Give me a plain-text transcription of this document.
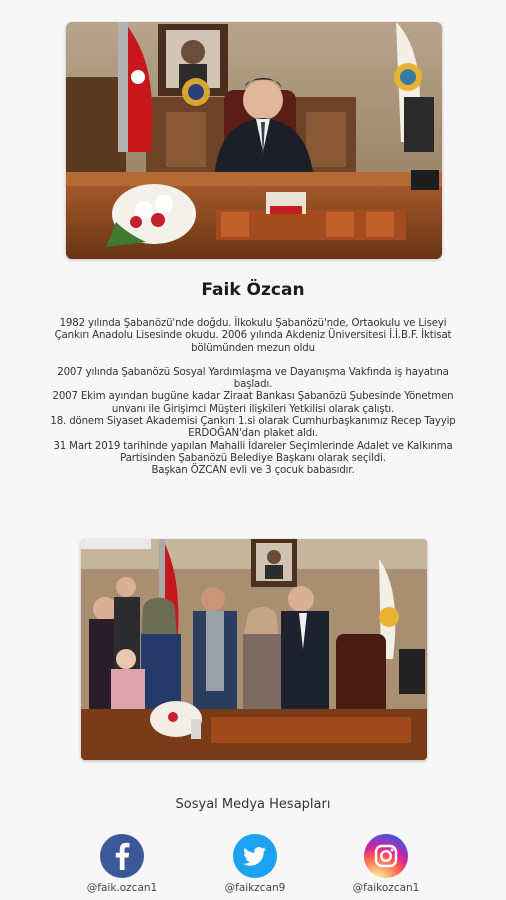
Faik Özcan

1982 yılında Şabanözü'nde doğdu. İlkokulu Şabanözü'nde, Ortaokulu ve Liseyi

Çankırı Anadolu Lisesinde okudu. 2006 yılında Akdeniz Üniversitesi İ.İ.B.F. İktisat

bölümünden mezun oldu

2007 yılında Şabanözü Sosyal Yardımlaşma ve Dayanışma Vakfında iş hayatına

başladı.

2007 Ekim ayından bugüne kadar Ziraat Bankası Şabanözü Şubesinde Yönetmen

unvanı ile Girişimci Müşteri ilişkileri Yetkilisi olarak çalıştı.

18. dönem Siyaset Akademisi Çankırı 1.si olarak Cumhurbaşkanımız Recep Tayyip

ERDOĞAN'dan plaket aldı.

31 Mart 2019 tarihinde yapılan Mahalli İdareler Seçimlerinde Adalet ve Kalkınma

Partisinden Şabanözü Belediye Başkanı olarak seçildi.

Başkan ÖZCAN evli ve 3 çocuk babasıdır.

Sosyal Medya Hesapları
@faik.ozcan1	@faikzcan9	@faikozcan1
